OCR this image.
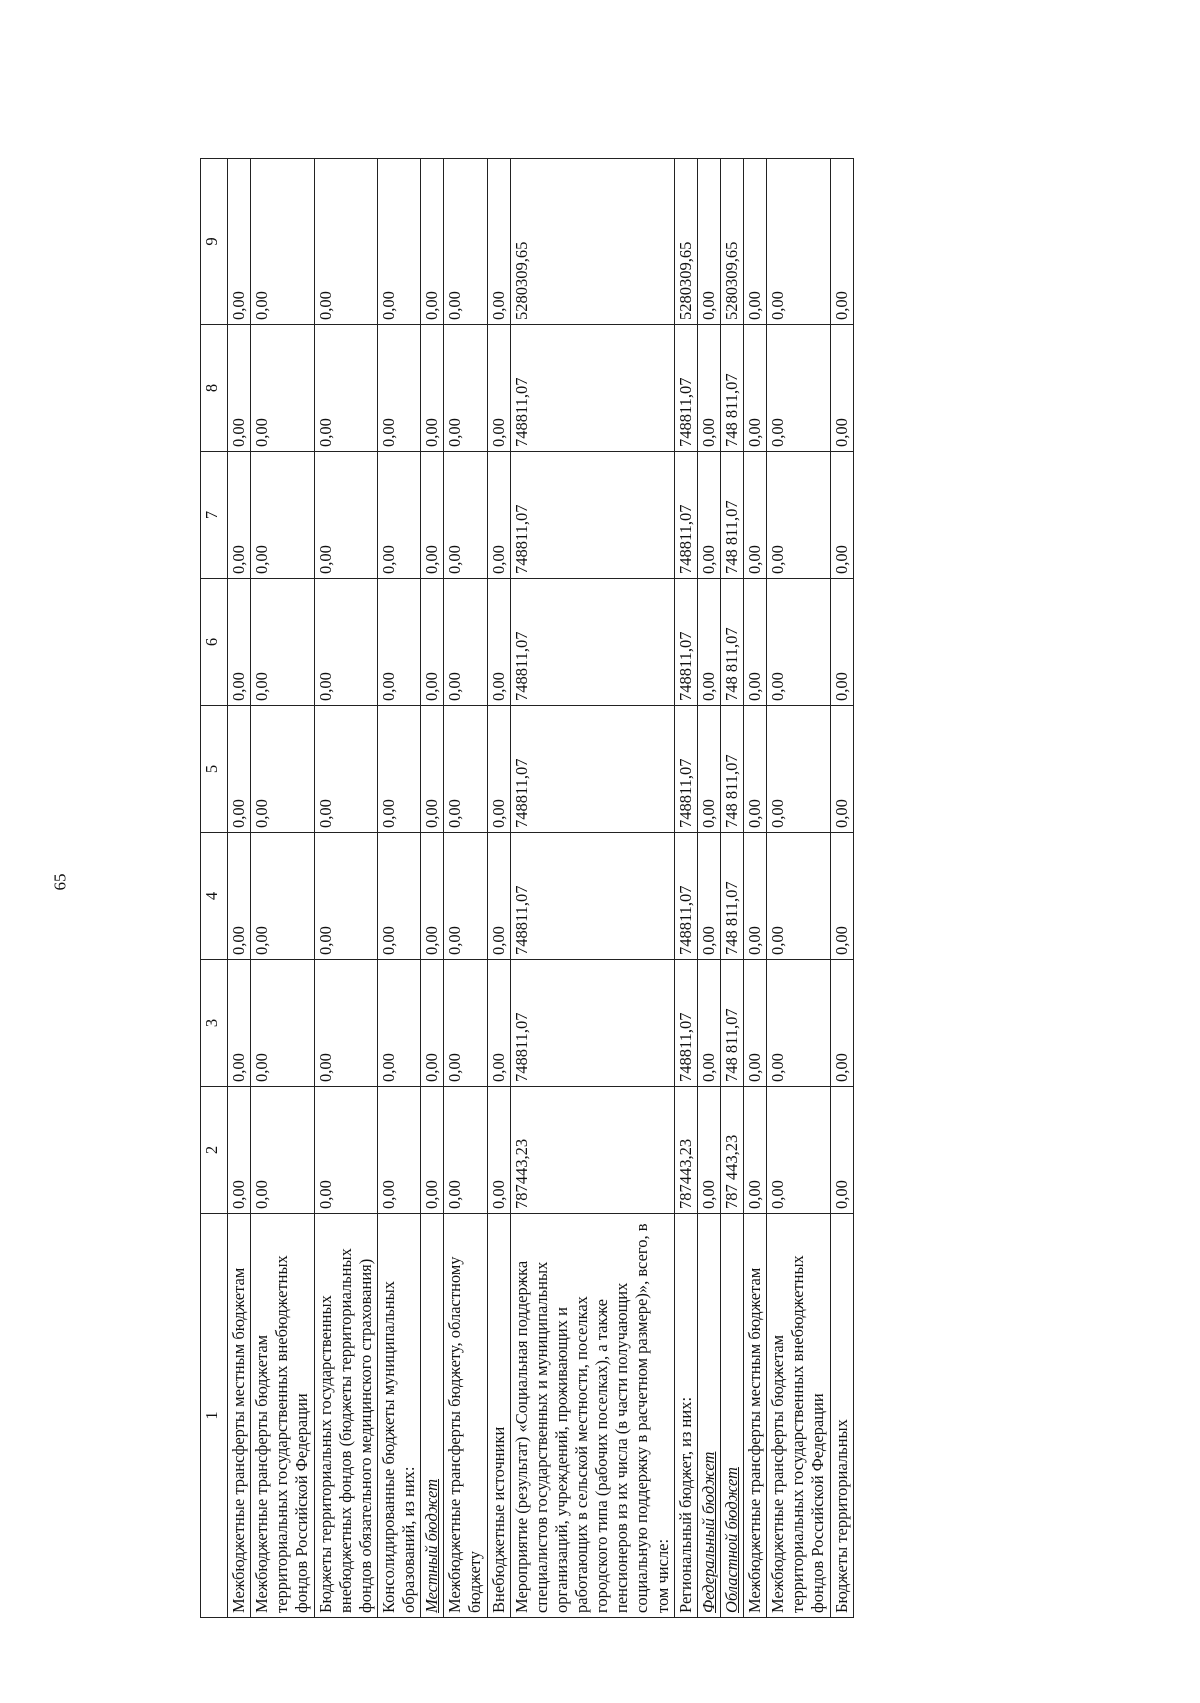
65
1	2	3	4	5	6	7	8	9
Межбюджетные трансферты местным бюджетам	0,00	0,00	0,00	0,00	0,00	0,00	0,00	0,00
Межбюджетные трансферты бюджетам территориальных государственных внебюджетных фондов Российской Федерации	0,00	0,00	0,00	0,00	0,00	0,00	0,00	0,00
Бюджеты территориальных государственных внебюджетных фондов (бюджеты территориальных фондов обязательного медицинского страхования)	0,00	0,00	0,00	0,00	0,00	0,00	0,00	0,00
Консолидированные бюджеты муниципальных образований, из них:	0,00	0,00	0,00	0,00	0,00	0,00	0,00	0,00
Местный бюджет	0,00	0,00	0,00	0,00	0,00	0,00	0,00	0,00
Межбюджетные трансферты бюджету, областному бюджету	0,00	0,00	0,00	0,00	0,00	0,00	0,00	0,00
Внебюджетные источники	0,00	0,00	0,00	0,00	0,00	0,00	0,00	0,00
Мероприятие (результат) «Социальная поддержка специалистов государственных и муниципальных организаций, учреждений, проживающих и работающих в сельской местности, поселках городского типа (рабочих поселках), а также пенсионеров из их числа (в части получающих социальную поддержку в расчетном размере)», всего, в том числе:	787443,23	748811,07	748811,07	748811,07	748811,07	748811,07	748811,07	5280309,65
Региональный бюджет, из них:	787443,23	748811,07	748811,07	748811,07	748811,07	748811,07	748811,07	5280309,65
Федеральный бюджет	0,00	0,00	0,00	0,00	0,00	0,00	0,00	0,00
Областной бюджет	787 443,23	748 811,07	748 811,07	748 811,07	748 811,07	748 811,07	748 811,07	5280309,65
Межбюджетные трансферты местным бюджетам	0,00	0,00	0,00	0,00	0,00	0,00	0,00	0,00
Межбюджетные трансферты бюджетам территориальных государственных внебюджетных фондов Российской Федерации	0,00	0,00	0,00	0,00	0,00	0,00	0,00	0,00
Бюджеты территориальных	0,00	0,00	0,00	0,00	0,00	0,00	0,00	0,00
